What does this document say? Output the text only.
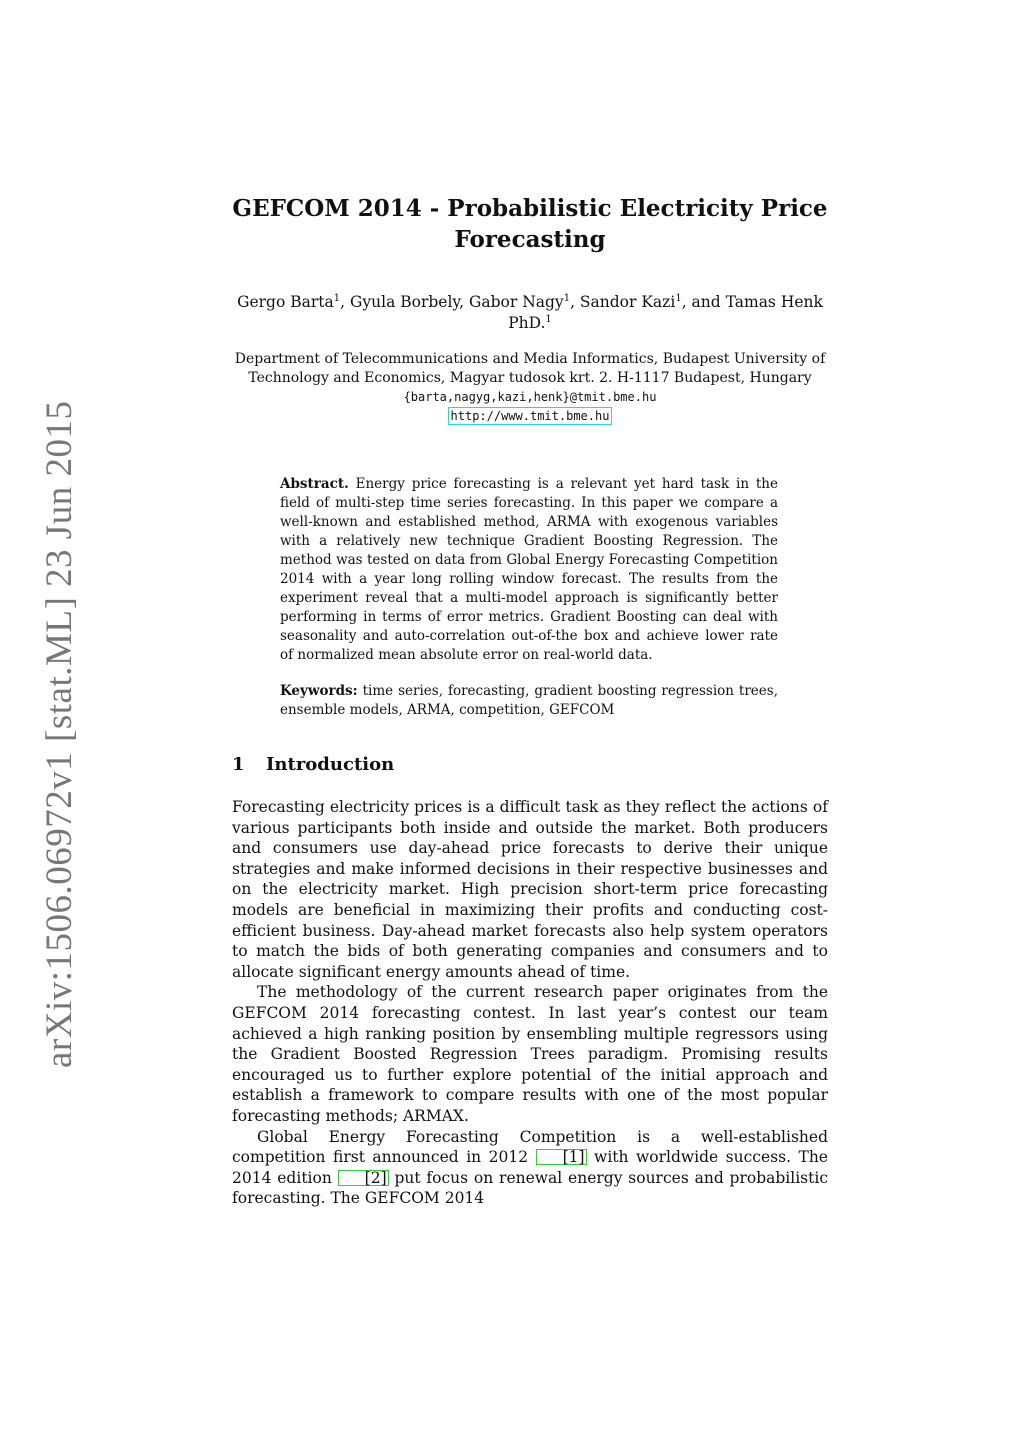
arXiv:1506.06972v1 [stat.ML] 23 Jun 2015
GEFCOM 2014 - Probabilistic Electricity Price
Forecasting
Gergo Barta$^1$, Gyula Borbely, Gabor Nagy$^1$, Sandor Kazi$^1$, and Tamas Henk PhD.$^1$
Department of Telecommunications and Media Informatics, Budapest University of Technology and Economics, Magyar tudosok krt. 2. H-1117 Budapest, Hungary
{barta,nagyg,kazi,henk}@tmit.bme.hu
http://www.tmit.bme.hu
Abstract. Energy price forecasting is a relevant yet hard task in the field of multi-step time series forecasting. In this paper we compare a well-known and established method, ARMA with exogenous variables with a relatively new technique Gradient Boosting Regression. The method was tested on data from Global Energy Forecasting Competition 2014 with a year long rolling window forecast. The results from the experiment reveal that a multi-model approach is significantly better performing in terms of error metrics. Gradient Boosting can deal with seasonality and auto-correlation out-of-the box and achieve lower rate of normalized mean absolute error on real-world data.
Keywords: time series, forecasting, gradient boosting regression trees, ensemble models, ARMA, competition, GEFCOM
1 Introduction

Forecasting electricity prices is a difficult task as they reflect the actions of various participants both inside and outside the market. Both producers and consumers use day-ahead price forecasts to derive their unique strategies and make informed decisions in their respective businesses and on the electricity market. High precision short-term price forecasting models are beneficial in maximizing their profits and conducting cost-efficient business. Day-ahead market forecasts also help system operators to match the bids of both generating companies and consumers and to allocate significant energy amounts ahead of time.

The methodology of the current research paper originates from the GEFCOM 2014 forecasting contest. In last year’s contest our team achieved a high ranking position by ensembling multiple regressors using the Gradient Boosted Regression Trees paradigm. Promising results encouraged us to further explore potential of the initial approach and establish a framework to compare results with one of the most popular forecasting methods; ARMAX.

Global Energy Forecasting Competition is a well-established competition first announced in 2012 [1] with worldwide success. The 2014 edition [2] put focus on renewal energy sources and probabilistic forecasting. The GEFCOM 2014
